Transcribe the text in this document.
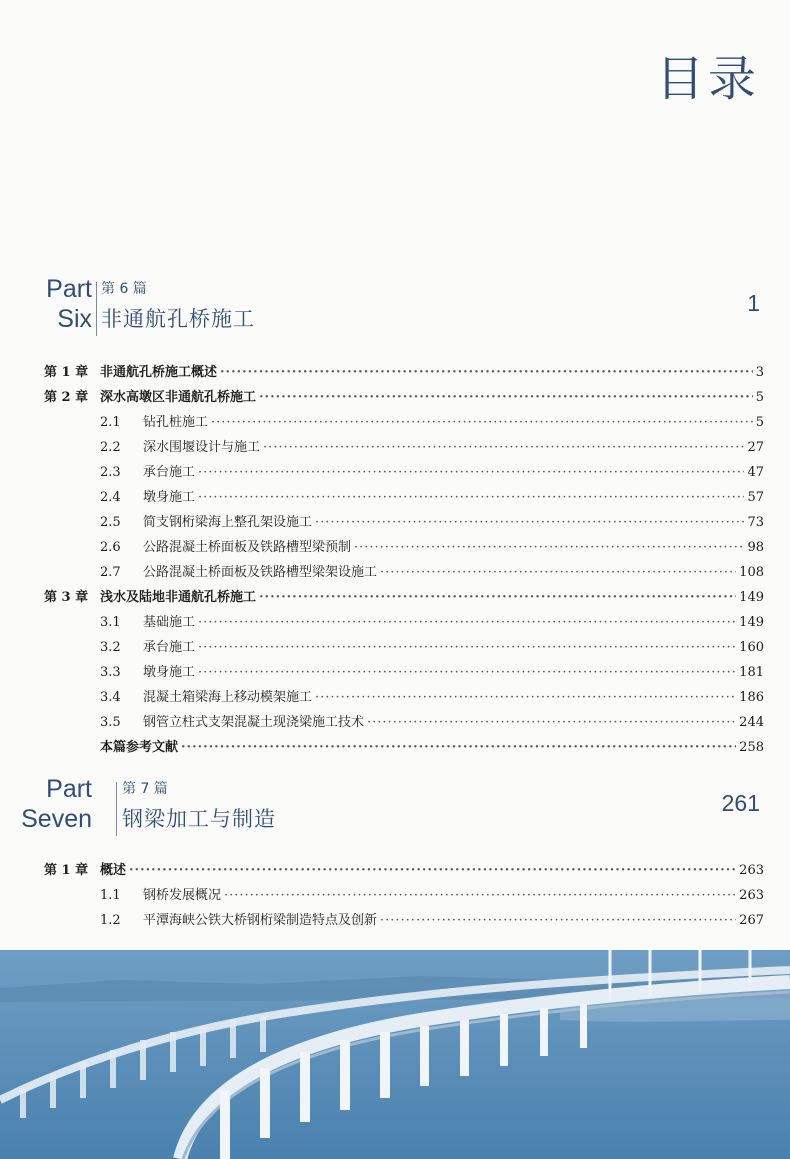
目录
Part
Six
第 6 篇
非通航孔桥施工
1
第 1 章 非通航孔桥施工概述 ·····	3
第 2 章 深水高墩区非通航孔桥施工 ·····	5
2.1	钻孔桩施工 ·····	5
2.2	深水围堰设计与施工 ·····	27
2.3	承台施工 ·····	47
2.4	墩身施工 ·····	57
2.5	简支钢桁梁海上整孔架设施工 ·····	73
2.6	公路混凝土桥面板及铁路槽型梁预制 ·····	98
2.7	公路混凝土桥面板及铁路槽型梁架设施工 ·····	108
第 3 章 浅水及陆地非通航孔桥施工 ·····	149
3.1	基础施工 ·····	149
3.2	承台施工 ·····	160
3.3	墩身施工 ·····	181
3.4	混凝土箱梁海上移动模架施工 ·····	186
3.5	钢管立柱式支架混凝土现浇梁施工技术 ·····	244
本篇参考文献 ·····	258
Part
Seven
第 7 篇
钢梁加工与制造
261
第 1 章 概述 ·····	263
1.1	钢桥发展概况 ·····	263
1.2	平潭海峡公铁大桥钢桁梁制造特点及创新 ·····	267
